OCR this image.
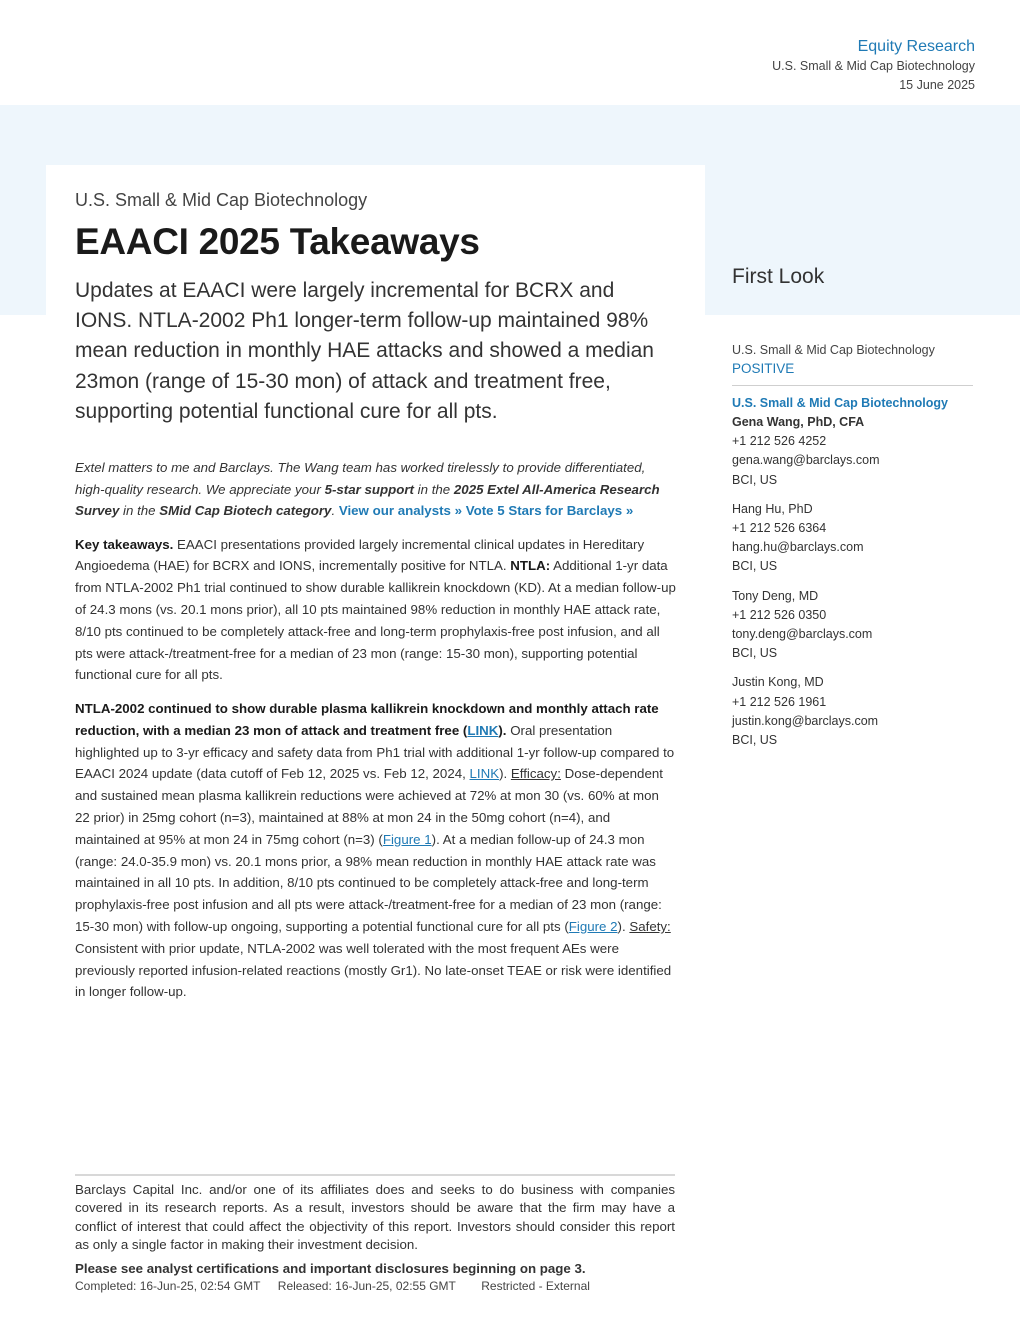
Equity Research
U.S. Small & Mid Cap Biotechnology
15 June 2025
U.S. Small & Mid Cap Biotechnology
EAACI 2025 Takeaways
Updates at EAACI were largely incremental for BCRX and IONS. NTLA-2002 Ph1 longer-term follow-up maintained 98% mean reduction in monthly HAE attacks and showed a median 23mon (range of 15-30 mon) of attack and treatment free, supporting potential functional cure for all pts.

Extel matters to me and Barclays. The Wang team has worked tirelessly to provide differentiated, high-quality research. We appreciate your 5-star support in the 2025 Extel All-America Research Survey in the SMid Cap Biotech category. View our analysts » Vote 5 Stars for Barclays »

Key takeaways. EAACI presentations provided largely incremental clinical updates in Hereditary Angioedema (HAE) for BCRX and IONS, incrementally positive for NTLA. NTLA: Additional 1-yr data from NTLA-2002 Ph1 trial continued to show durable kallikrein knockdown (KD). At a median follow-up of 24.3 mons (vs. 20.1 mons prior), all 10 pts maintained 98% reduction in monthly HAE attack rate, 8/10 pts continued to be completely attack-free and long-term prophylaxis-free post infusion, and all pts were attack-/treatment-free for a median of 23 mon (range: 15-30 mon), supporting potential functional cure for all pts.

NTLA-2002 continued to show durable plasma kallikrein knockdown and monthly attach rate reduction, with a median 23 mon of attack and treatment free (LINK). Oral presentation highlighted up to 3-yr efficacy and safety data from Ph1 trial with additional 1-yr follow-up compared to EAACI 2024 update (data cutoff of Feb 12, 2025 vs. Feb 12, 2024, LINK). Efficacy: Dose-dependent and sustained mean plasma kallikrein reductions were achieved at 72% at mon 30 (vs. 60% at mon 22 prior) in 25mg cohort (n=3), maintained at 88% at mon 24 in the 50mg cohort (n=4), and maintained at 95% at mon 24 in 75mg cohort (n=3) (Figure 1). At a median follow-up of 24.3 mon (range: 24.0-35.9 mon) vs. 20.1 mons prior, a 98% mean reduction in monthly HAE attack rate was maintained in all 10 pts. In addition, 8/10 pts continued to be completely attack-free and long-term prophylaxis-free post infusion and all pts were attack-/treatment-free for a median of 23 mon (range: 15-30 mon) with follow-up ongoing, supporting a potential functional cure for all pts (Figure 2). Safety: Consistent with prior update, NTLA-2002 was well tolerated with the most frequent AEs were previously reported infusion-related reactions (mostly Gr1). No late-onset TEAE or risk were identified in longer follow-up.

First Look
U.S. Small & Mid Cap Biotechnology
POSITIVE
U.S. Small & Mid Cap Biotechnology
Gena Wang, PhD, CFA
+1 212 526 4252
gena.wang@barclays.com
BCI, US
Hang Hu, PhD
+1 212 526 6364
hang.hu@barclays.com
BCI, US
Tony Deng, MD
+1 212 526 0350
tony.deng@barclays.com
BCI, US
Justin Kong, MD
+1 212 526 1961
justin.kong@barclays.com
BCI, US

Barclays Capital Inc. and/or one of its affiliates does and seeks to do business with companies covered in its research reports. As a result, investors should be aware that the firm may have a conflict of interest that could affect the objectivity of this report. Investors should consider this report as only a single factor in making their investment decision.

Please see analyst certifications and important disclosures beginning on page 3.

Completed: 16-Jun-25, 02:54 GMT Released: 16-Jun-25, 02:55 GMT Restricted - External
